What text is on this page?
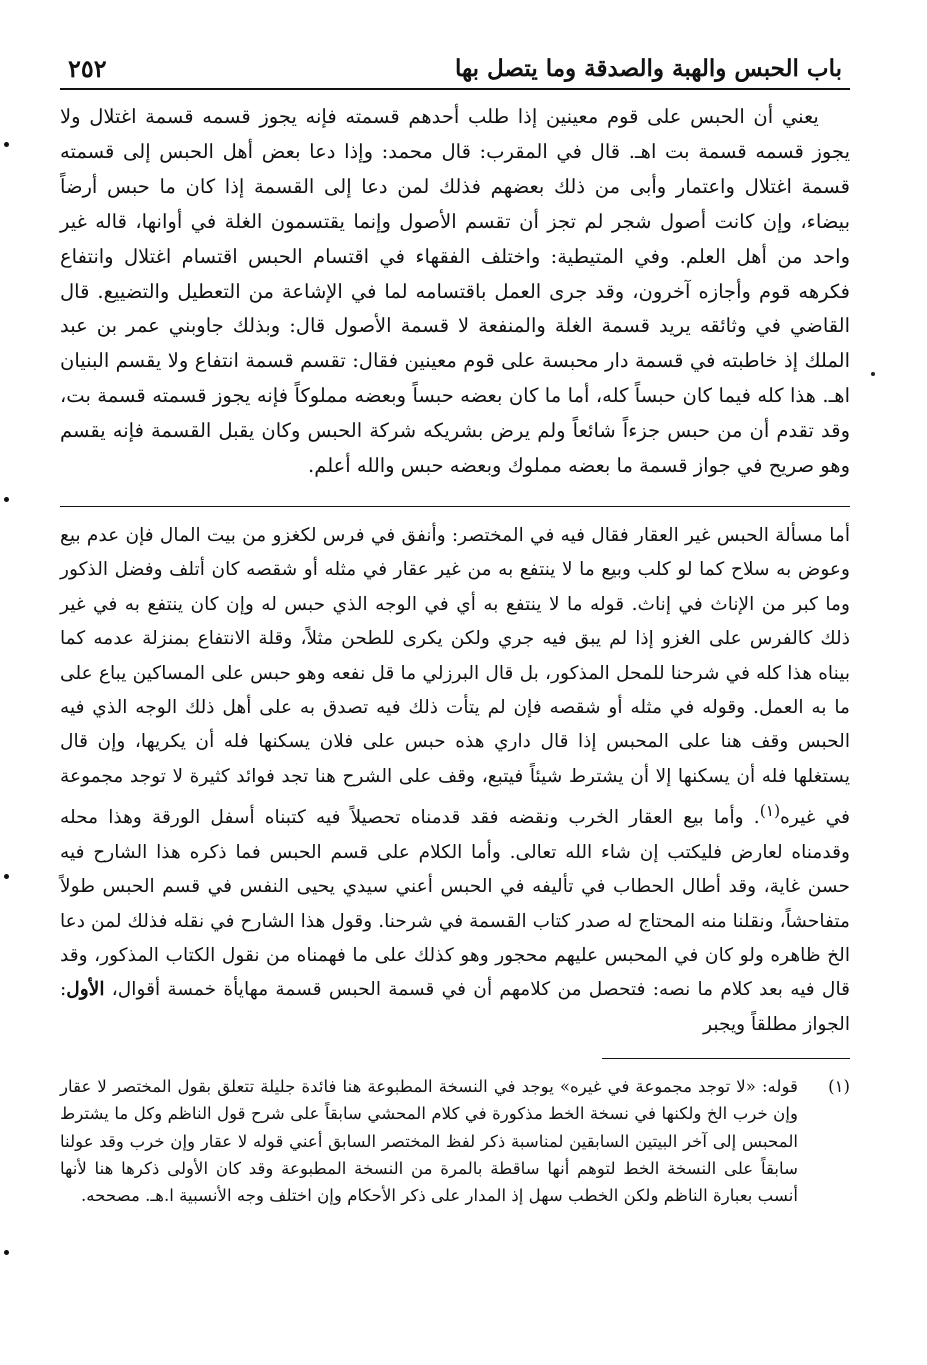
باب الحبس والهبة والصدقة وما يتصل بها
٢٥٢

يعني أن الحبس على قوم معينين إذا طلب أحدهم قسمته فإنه يجوز قسمه قسمة اغتلال ولا يجوز قسمه قسمة بت اهـ. قال في المقرب: قال محمد: وإذا دعا بعض أهل الحبس إلى قسمته قسمة اغتلال واعتمار وأبى من ذلك بعضهم فذلك لمن دعا إلى القسمة إذا كان ما حبس أرضاً بيضاء، وإن كانت أصول شجر لم تجز أن تقسم الأصول وإنما يقتسمون الغلة في أوانها، قاله غير واحد من أهل العلم. وفي المتيطية: واختلف الفقهاء في اقتسام الحبس اقتسام اغتلال وانتفاع فكرهه قوم وأجازه آخرون، وقد جرى العمل باقتسامه لما في الإشاعة من التعطيل والتضييع. قال القاضي في وثائقه يريد قسمة الغلة والمنفعة لا قسمة الأصول قال: وبذلك جاوبني عمر بن عبد الملك إذ خاطبته في قسمة دار محبسة على قوم معينين فقال: تقسم قسمة انتفاع ولا يقسم البنيان اهـ. هذا كله فيما كان حبساً كله، أما ما كان بعضه حبساً وبعضه مملوكاً فإنه يجوز قسمته قسمة بت، وقد تقدم أن من حبس جزءاً شائعاً ولم يرض بشريكه شركة الحبس وكان يقبل القسمة فإنه يقسم وهو صريح في جواز قسمة ما بعضه مملوك وبعضه حبس والله أعلم.

أما مسألة الحبس غير العقار فقال فيه في المختصر: وأنفق في فرس لكغزو من بيت المال فإن عدم بيع وعوض به سلاح كما لو كلب وبيع ما لا ينتفع به من غير عقار في مثله أو شقصه كان أتلف وفضل الذكور وما كبر من الإناث في إناث. قوله ما لا ينتفع به أي في الوجه الذي حبس له وإن كان ينتفع به في غير ذلك كالفرس على الغزو إذا لم يبق فيه جري ولكن يكرى للطحن مثلاً، وقلة الانتفاع بمنزلة عدمه كما بيناه هذا كله في شرحنا للمحل المذكور، بل قال البرزلي ما قل نفعه وهو حبس على المساكين يباع على ما به العمل. وقوله في مثله أو شقصه فإن لم يتأت ذلك فيه تصدق به على أهل ذلك الوجه الذي فيه الحبس وقف هنا على المحبس إذا قال داري هذه حبس على فلان يسكنها فله أن يكريها، وإن قال يستغلها فله أن يسكنها إلا أن يشترط شيئاً فيتبع، وقف على الشرح هنا تجد فوائد كثيرة لا توجد مجموعة في غيره$^{(١)}$. وأما بيع العقار الخرب ونقضه فقد قدمناه تحصيلاً فيه كتبناه أسفل الورقة وهذا محله وقدمناه لعارض فليكتب إن شاء الله تعالى. وأما الكلام على قسم الحبس فما ذكره هذا الشارح فيه حسن غاية، وقد أطال الحطاب في تأليفه في الحبس أعني سيدي يحيى النفس في قسم الحبس طولاً متفاحشاً، ونقلنا منه المحتاج له صدر كتاب القسمة في شرحنا. وقول هذا الشارح في نقله فذلك لمن دعا الخ ظاهره ولو كان في المحبس عليهم محجور وهو كذلك على ما فهمناه من نقول الكتاب المذكور، وقد قال فيه بعد كلام ما نصه: فتحصل من كلامهم أن في قسمة الحبس قسمة مهايأة خمسة أقوال، الأول: الجواز مطلقاً ويجبر

(١)
قوله: «لا توجد مجموعة في غيره» يوجد في النسخة المطبوعة هنا فائدة جليلة تتعلق بقول المختصر لا عقار وإن خرب الخ ولكنها في نسخة الخط مذكورة في كلام المحشي سابقاً على شرح قول الناظم وكل ما يشترط المحبس إلى آخر البيتين السابقين لمناسبة ذكر لفظ المختصر السابق أعني قوله لا عقار وإن خرب وقد عولنا سابقاً على النسخة الخط لتوهم أنها ساقطة بالمرة من النسخة المطبوعة وقد كان الأولى ذكرها هنا لأنها أنسب بعبارة الناظم ولكن الخطب سهل إذ المدار على ذكر الأحكام وإن اختلف وجه الأنسبية ا.هـ. مصححه.
